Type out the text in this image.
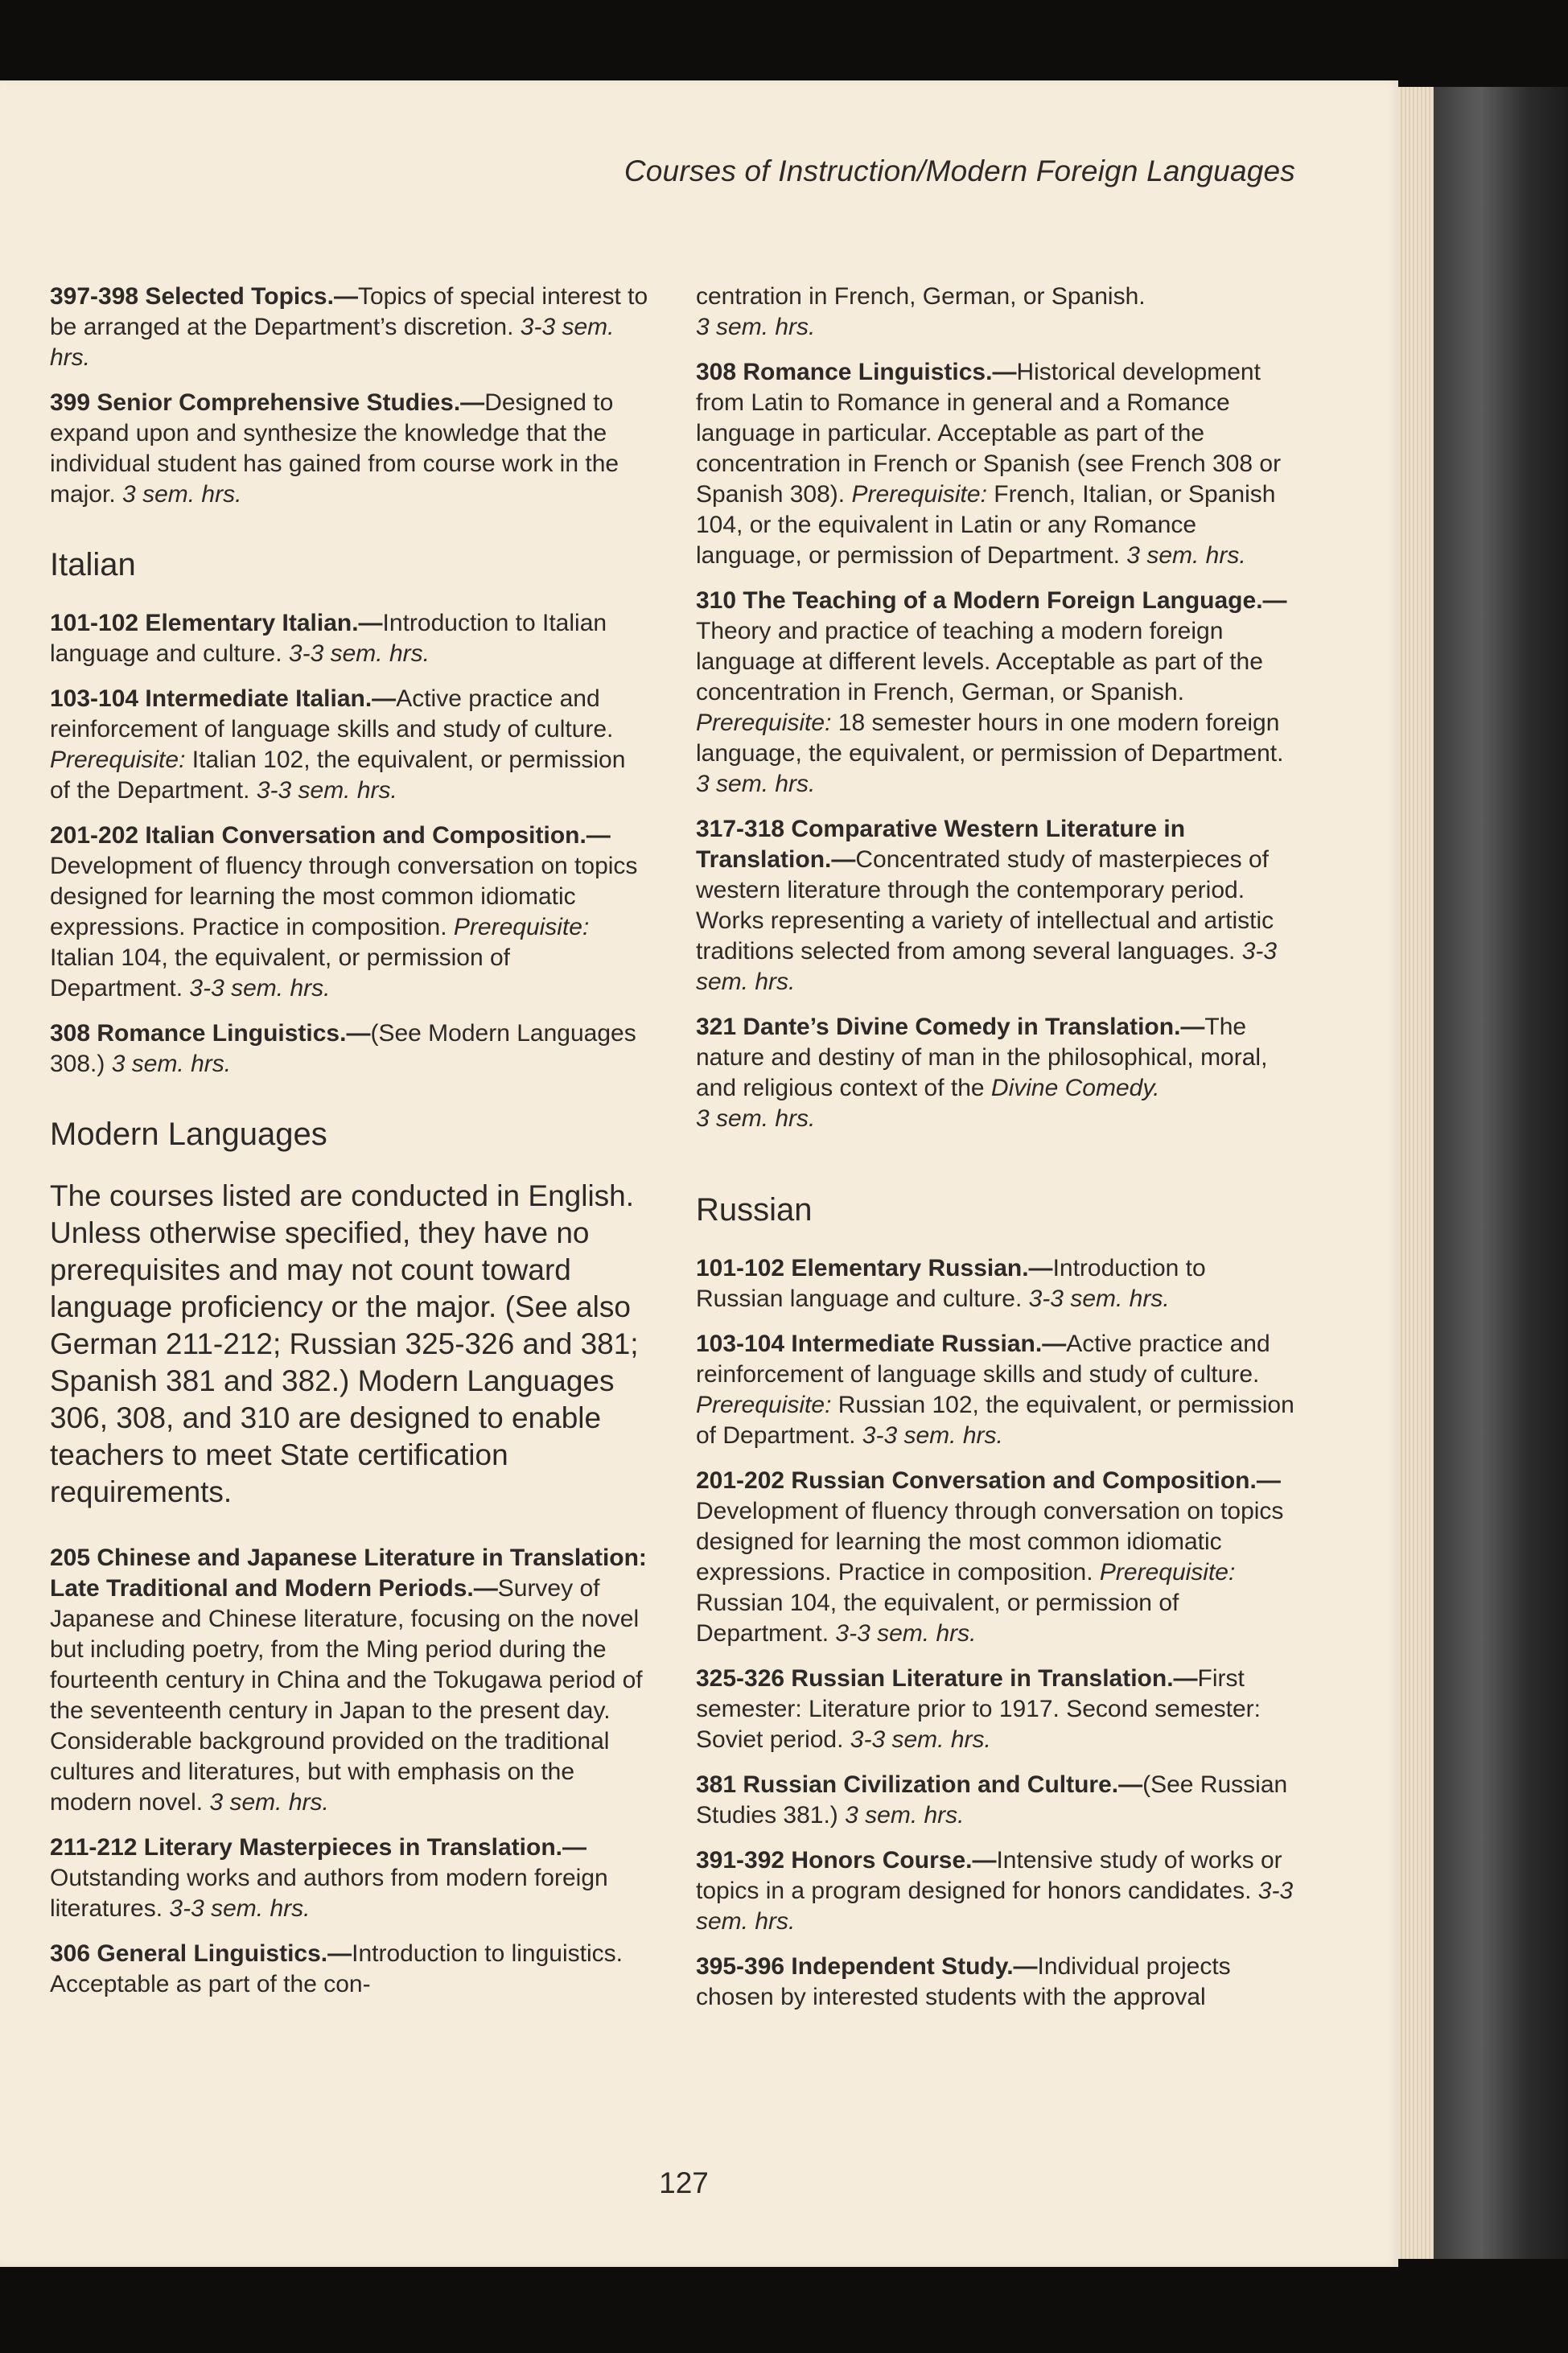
Courses of Instruction/Modern Foreign Languages

397-398 Selected Topics.—Topics of special interest to be arranged at the Department’s discretion. 3-3 sem. hrs.

399 Senior Comprehensive Studies.—Designed to expand upon and synthesize the knowledge that the individual student has gained from course work in the major. 3 sem. hrs.

Italian

101-102 Elementary Italian.—Introduction to Italian language and culture. 3-3 sem. hrs.

103-104 Intermediate Italian.—Active practice and reinforcement of language skills and study of culture. Prerequisite: Italian 102, the equivalent, or permission of the Department. 3-3 sem. hrs.

201-202 Italian Conversation and Composition.—Development of fluency through conversation on topics designed for learning the most common idiomatic expressions. Practice in composition. Prerequisite: Italian 104, the equivalent, or permission of Department. 3-3 sem. hrs.

308 Romance Linguistics.—(See Modern Languages 308.) 3 sem. hrs.

Modern Languages

The courses listed are conducted in English. Unless otherwise specified, they have no prerequisites and may not count toward language proficiency or the major. (See also German 211-212; Russian 325-326 and 381; Spanish 381 and 382.) Modern Languages 306, 308, and 310 are designed to enable teachers to meet State certification requirements.

205 Chinese and Japanese Literature in Translation: Late Traditional and Modern Periods.—Survey of Japanese and Chinese literature, focusing on the novel but including poetry, from the Ming period during the fourteenth century in China and the Tokugawa period of the seventeenth century in Japan to the present day. Considerable background provided on the traditional cultures and literatures, but with emphasis on the modern novel. 3 sem. hrs.

211-212 Literary Masterpieces in Translation.—Outstanding works and authors from modern foreign literatures. 3-3 sem. hrs.

306 General Linguistics.—Introduction to linguistics. Acceptable as part of the con-

centration in French, German, or Spanish.
3 sem. hrs.

308 Romance Linguistics.—Historical development from Latin to Romance in general and a Romance language in particular. Acceptable as part of the concentration in French or Spanish (see French 308 or Spanish 308). Prerequisite: French, Italian, or Spanish 104, or the equivalent in Latin or any Romance language, or permission of Department. 3 sem. hrs.

310 The Teaching of a Modern Foreign Language.—Theory and practice of teaching a modern foreign language at different levels. Acceptable as part of the concentration in French, German, or Spanish. Prerequisite: 18 semester hours in one modern foreign language, the equivalent, or permission of Department. 3 sem. hrs.

317-318 Comparative Western Literature in Translation.—Concentrated study of masterpieces of western literature through the contemporary period. Works representing a variety of intellectual and artistic traditions selected from among several languages. 3-3 sem. hrs.

321 Dante’s Divine Comedy in Translation.—The nature and destiny of man in the philosophical, moral, and religious context of the Divine Comedy.
3 sem. hrs.

Russian

101-102 Elementary Russian.—Introduction to Russian language and culture. 3-3 sem. hrs.

103-104 Intermediate Russian.—Active practice and reinforcement of language skills and study of culture. Prerequisite: Russian 102, the equivalent, or permission of Department. 3-3 sem. hrs.

201-202 Russian Conversation and Composition.—Development of fluency through conversation on topics designed for learning the most common idiomatic expressions. Practice in composition. Prerequisite: Russian 104, the equivalent, or permission of Department. 3-3 sem. hrs.

325-326 Russian Literature in Translation.—First semester: Literature prior to 1917. Second semester: Soviet period. 3-3 sem. hrs.

381 Russian Civilization and Culture.—(See Russian Studies 381.) 3 sem. hrs.

391-392 Honors Course.—Intensive study of works or topics in a program designed for honors candidates. 3-3 sem. hrs.

395-396 Independent Study.—Individual projects chosen by interested students with the approval

127
